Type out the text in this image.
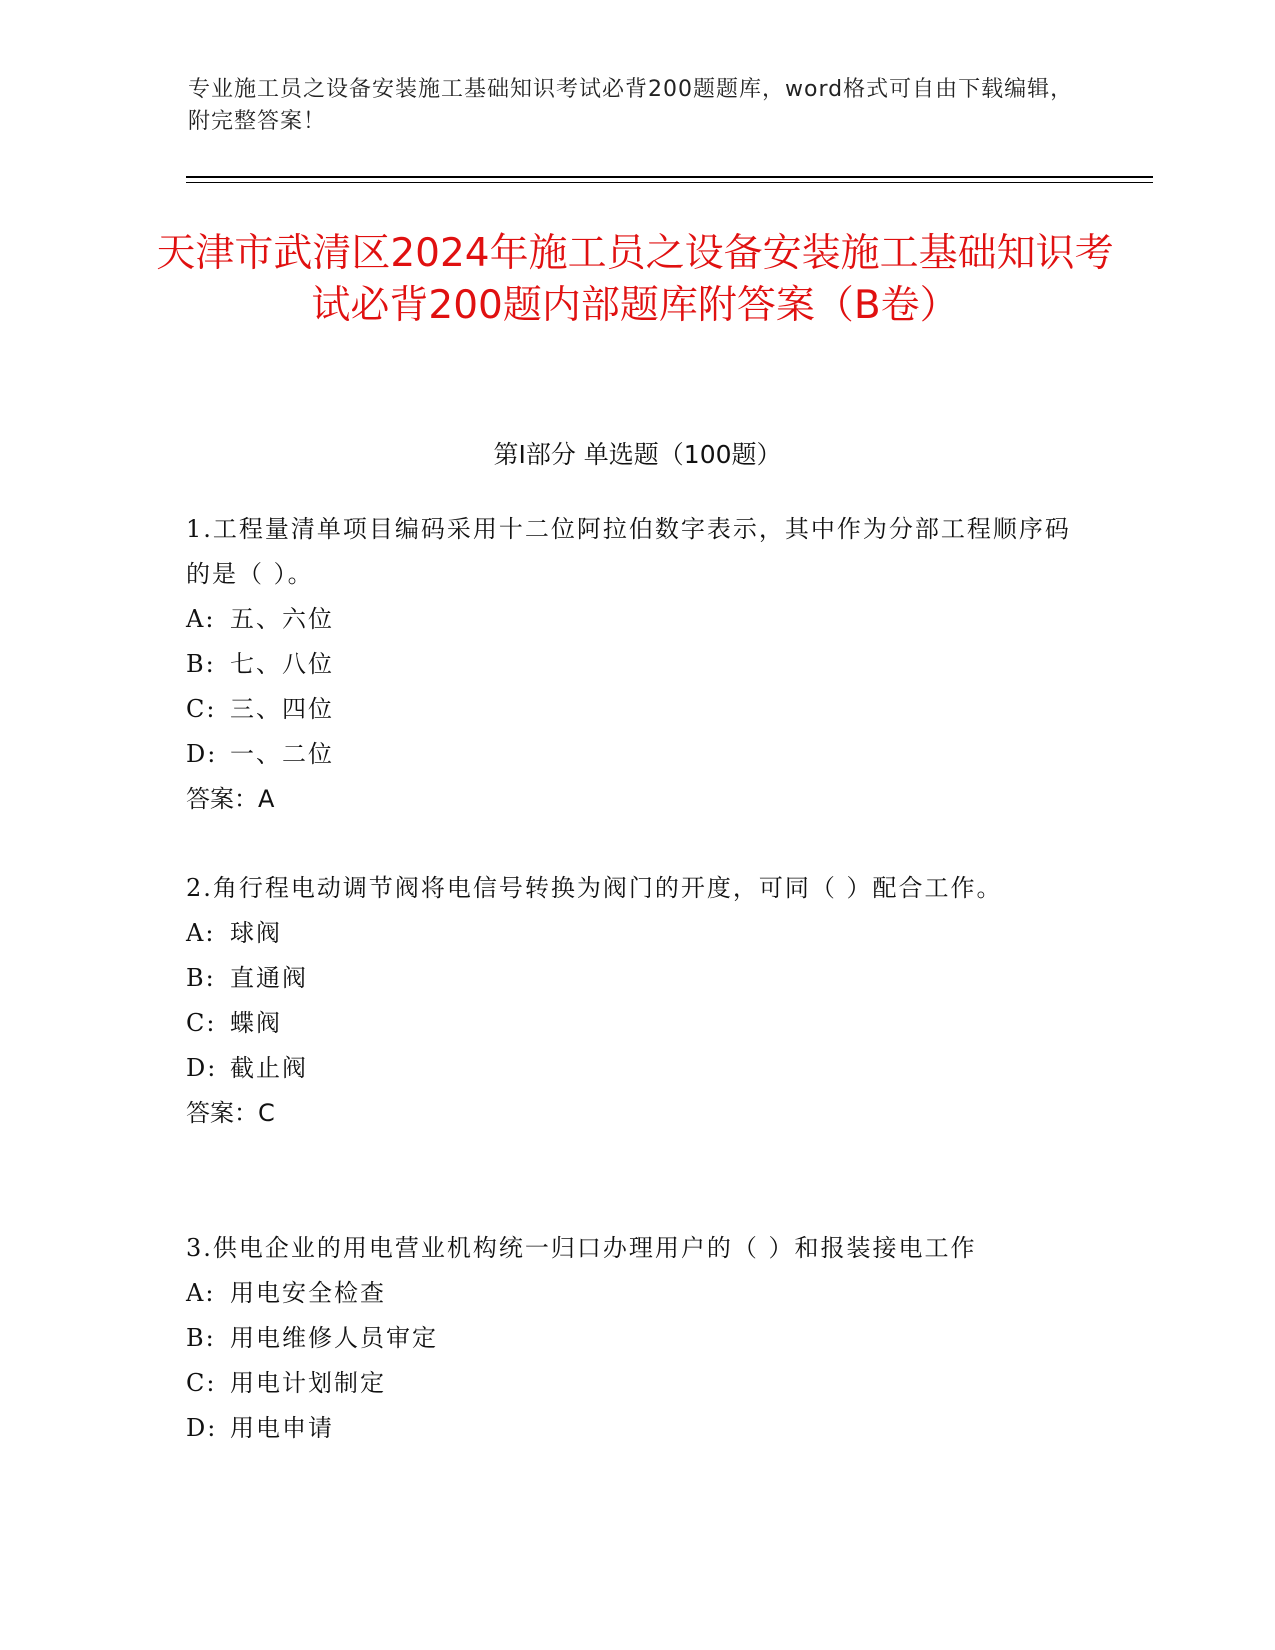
专业施工员之设备安装施工基础知识考试必背200题题库，word格式可自由下载编辑，附完整答案！
天津市武清区2024年施工员之设备安装施工基础知识考试必背200题内部题库附答案（B卷）
第Ⅰ部分 单选题（100题）
1.工程量清单项目编码采用十二位阿拉伯数字表示，其中作为分部工程顺序码的是（ ）。
A: 五、六位
B: 七、八位
C: 三、四位
D: 一、二位
答案：A
2.角行程电动调节阀将电信号转换为阀门的开度，可同（ ）配合工作。
A: 球阀
B: 直通阀
C: 蝶阀
D: 截止阀
答案：C
3.供电企业的用电营业机构统一归口办理用户的（ ）和报装接电工作
A: 用电安全检查
B: 用电维修人员审定
C: 用电计划制定
D: 用电申请
